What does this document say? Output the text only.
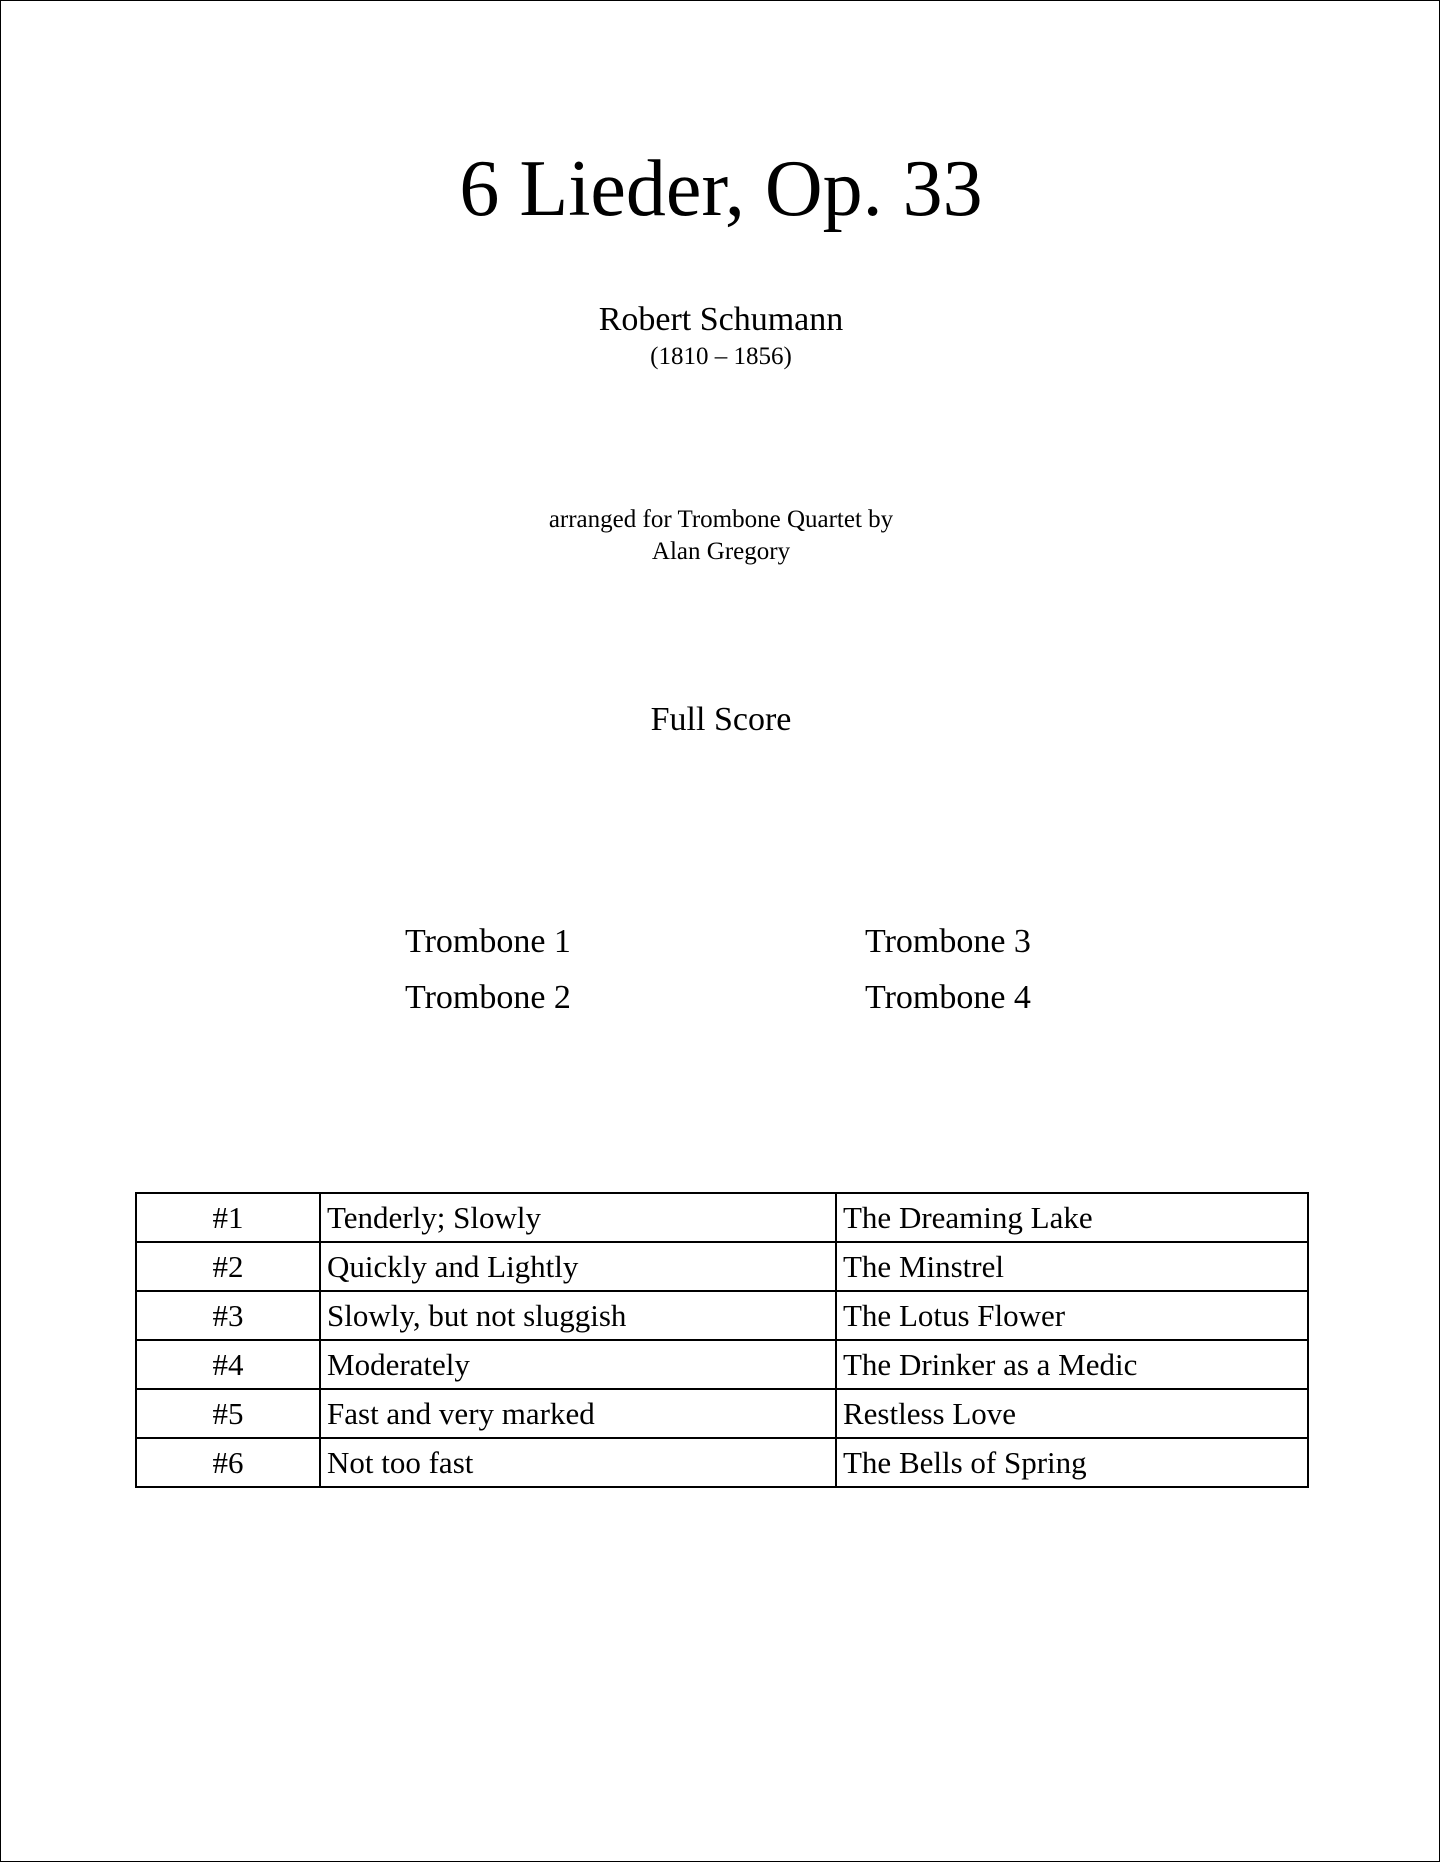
6 Lieder, Op. 33
Robert Schumann
(1810 – 1856)
arranged for Trombone Quartet by
Alan Gregory
Full Score
Trombone 1
Trombone 2
Trombone 3
Trombone 4
#1	Tenderly; Slowly	The Dreaming Lake
#2	Quickly and Lightly	The Minstrel
#3	Slowly, but not sluggish	The Lotus Flower
#4	Moderately	The Drinker as a Medic
#5	Fast and very marked	Restless Love
#6	Not too fast	The Bells of Spring
